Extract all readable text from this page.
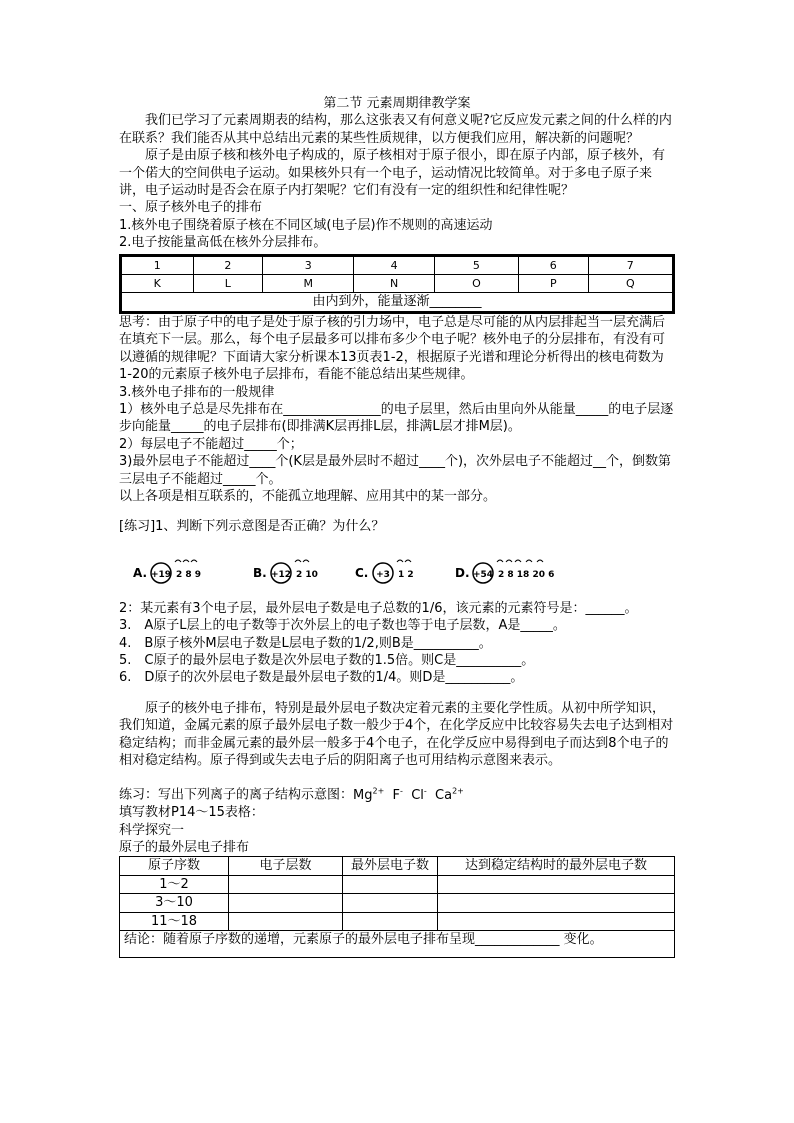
第二节 元素周期律教学案

我们已学习了元素周期表的结构，那么这张表又有何意义呢?它反应发元素之间的什么样的内在联系？我们能否从其中总结出元素的某些性质规律，以方便我们应用，解决新的问题呢？

原子是由原子核和核外电子构成的，原子核相对于原子很小，即在原子内部，原子核外，有一个偌大的空间供电子运动。如果核外只有一个电子，运动情况比较简单。对于多电子原子来讲，电子运动时是否会在原子内打架呢？它们有没有一定的组织性和纪律性呢？

一、原子核外电子的排布

1.核外电子围绕着原子核在不同区域(电子层)作不规则的高速运动

2.电子按能量高低在核外分层排布。

1	2	3	4	5	6	7
K	L	M	N	O	P	Q
由内到外，能量逐渐________						

思考：由于原子中的电子是处于原子核的引力场中，电子总是尽可能的从内层排起当一层充满后在填充下一层。那么，每个电子层最多可以排布多少个电子呢？核外电子的分层排布，有没有可以遵循的规律呢？下面请大家分析课本13页表1-2，根据原子光谱和理论分析得出的核电荷数为1-20的元素原子核外电子层排布，看能不能总结出某些规律。

3.核外电子排布的一般规律

1）核外电子总是尽先排布在_______________的电子层里，然后由里向外从能量_____的电子层逐步向能量_____的电子层排布(即排满K层再排L层，排满L层才排M层)。

2）每层电子不能超过_____个；

3)最外层电子不能超过____个(K层是最外层时不超过____个)，次外层电子不能超过__个，倒数第三层电子不能超过_____个。

以上各项是相互联系的，不能孤立地理解、应用其中的某一部分。

[练习]1、判断下列示意图是否正确？为什么？

A. +19 2 8 9	B. +12 2 10	C. +3 1 2	D. +54 2 8 18 20 6

2：某元素有3个电子层，最外层电子数是电子总数的1/6，该元素的元素符号是：______。

3.　A原子L层上的电子数等于次外层上的电子数也等于电子层数，A是_____。

4.　B原子核外M层电子数是L层电子数的1/2,则B是__________。

5.　C原子的最外层电子数是次外层电子数的1.5倍。则C是__________。

6.　D原子的次外层电子数是最外层电子数的1/4。则D是__________。

原子的核外电子排布，特别是最外层电子数决定着元素的主要化学性质。从初中所学知识，我们知道，金属元素的原子最外层电子数一般少于4个，在化学反应中比较容易失去电子达到相对稳定结构；而非金属元素的最外层一般多于4个电子，在化学反应中易得到电子而达到8个电子的相对稳定结构。原子得到或失去电子后的阴阳离子也可用结构示意图来表示。

练习：写出下列离子的离子结构示意图：$Mg^{2+}$ F- Cl- $Ca^{2+}$

填写教材P14～15表格：

科学探究一

原子的最外层电子排布

原子序数	电子层数	最外层电子数	达到稳定结构时的最外层电子数
1～2			
3～10			
11～18			
结论：随着原子序数的递增，元素原子的最外层电子排布呈现_____________ 变化。			
